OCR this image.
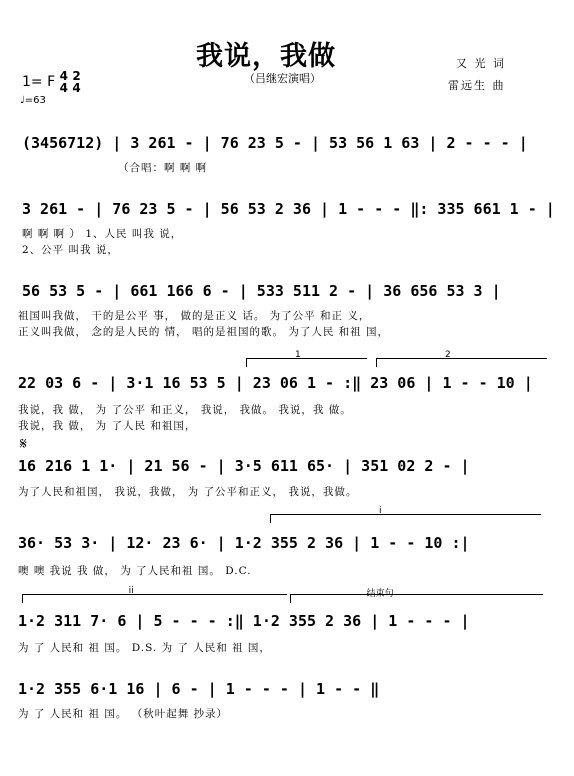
我说，我做
（吕继宏演唱）
又 光 词
雷远生 曲
1= F 4
4 2
4
♩=63
(3456712) | 3 261 - | 76 23 5 - | 53 56 1 63 | 2 - - - |
（合唱：啊 啊 啊
3 261 - | 76 23 5 - | 56 53 2 36 | 1 - - - ‖: 335 661 1 - |
啊 啊 啊 ） 1、人民 叫我 说，
2、公平 叫我 说，
56 53 5 - | 661 166 6 - | 533 511 2 - | 36 656 53 3 |
祖国叫我做， 干的是公平 事， 做的是正义 话。 为了公平 和正 义，
正义叫我做， 念的是人民的 情， 唱的是祖国的歌。 为了人民 和祖 国，
1	2
22 03 6 - | 3·1 16 53 5 | 23 06 1 - :‖ 23 06 | 1 - - 10 |
我说，我 做， 为 了公平 和正义， 我说， 我做。 我说，我 做。
我说，我 做， 为 了人民 和祖国，
𝄋
16 216 1 1· | 21 56 - | 3·5 611 65· | 351 02 2 - |
为了人民和祖国， 我说，我做， 为 了公平和正义， 我说，我做。
i
36· 53 3· | 12· 23 6· | 1·2 355 2 36 | 1 - - 10 :|
噢 噢 我说 我 做， 为 了人民和祖 国。 D.C.
ii	结束句
1·2 311 7· 6 | 5 - - - :‖ 1·2 355 2 36 | 1 - - - |
为 了 人民和 祖 国。 D.S. 为 了 人民和 祖 国，
1·2 355 6·1 16 | 6 - | 1 - - - | 1 - - ‖
为 了 人民和 祖 国。 （秋叶起舞 抄录）
